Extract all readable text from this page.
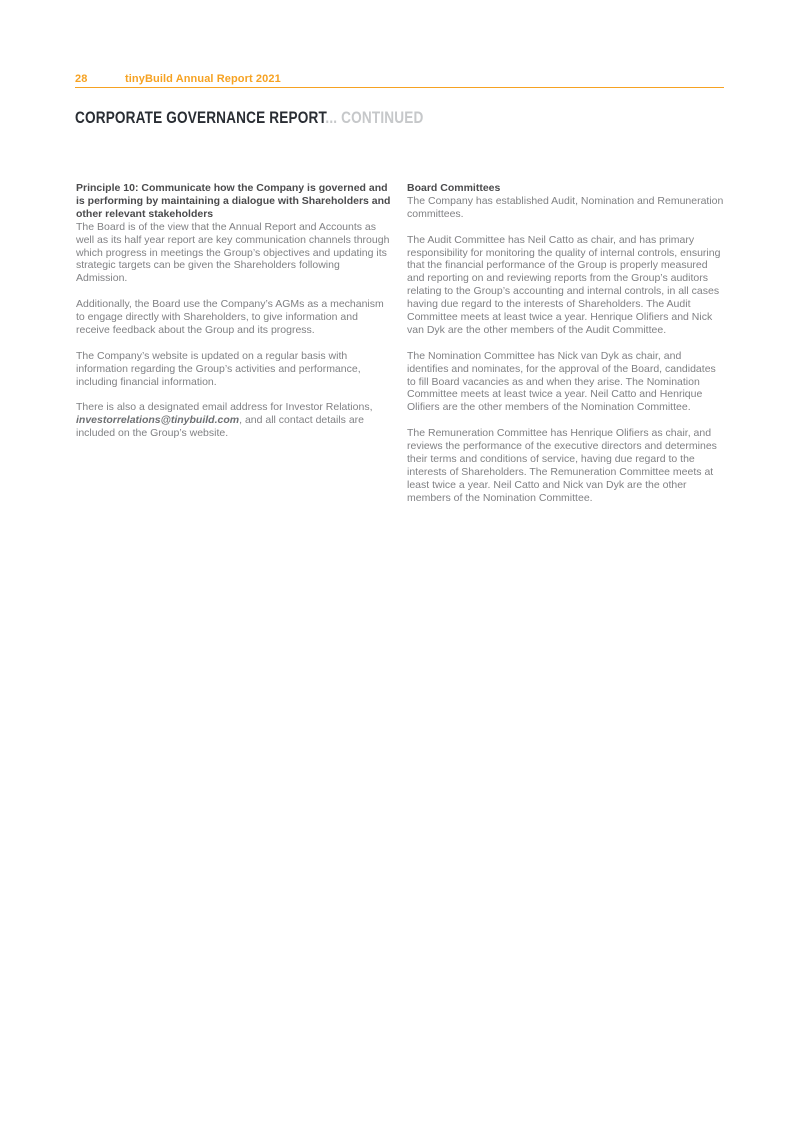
28	tinyBuild Annual Report 2021
CORPORATE GOVERNANCE REPORT... CONTINUED

Principle 10: Communicate how the Company is governed and is performing by maintaining a dialogue with Shareholders and other relevant stakeholders

The Board is of the view that the Annual Report and Accounts as well as its half year report are key communication channels through which progress in meetings the Group’s objectives and updating its strategic targets can be given the Shareholders following Admission.

Additionally, the Board use the Company’s AGMs as a mechanism to engage directly with Shareholders, to give information and receive feedback about the Group and its progress.

The Company’s website is updated on a regular basis with information regarding the Group’s activities and performance, including financial information.

There is also a designated email address for Investor Relations, investorrelations@tinybuild.com, and all contact details are included on the Group’s website.

Board Committees

The Company has established Audit, Nomination and Remuneration committees.

The Audit Committee has Neil Catto as chair, and has primary responsibility for monitoring the quality of internal controls, ensuring that the financial performance of the Group is properly measured and reporting on and reviewing reports from the Group’s auditors relating to the Group’s accounting and internal controls, in all cases having due regard to the interests of Shareholders. The Audit Committee meets at least twice a year. Henrique Olifiers and Nick van Dyk are the other members of the Audit Committee.

The Nomination Committee has Nick van Dyk as chair, and identifies and nominates, for the approval of the Board, candidates to fill Board vacancies as and when they arise. The Nomination Committee meets at least twice a year. Neil Catto and Henrique Olifiers are the other members of the Nomination Committee.

The Remuneration Committee has Henrique Olifiers as chair, and reviews the performance of the executive directors and determines their terms and conditions of service, having due regard to the interests of Shareholders. The Remuneration Committee meets at least twice a year. Neil Catto and Nick van Dyk are the other members of the Nomination Committee.
